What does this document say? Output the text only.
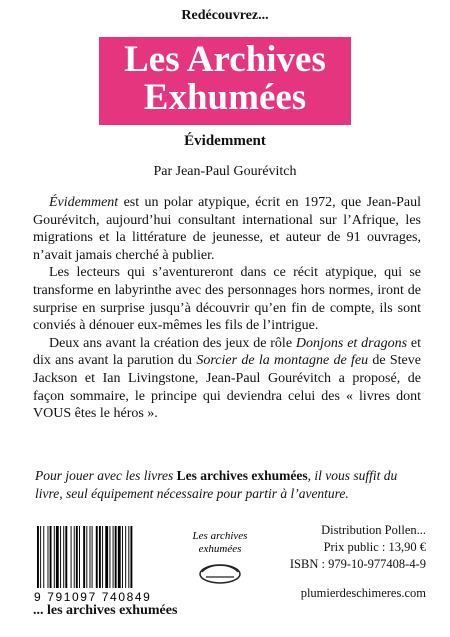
Redécouvrez...
Les Archives
Exhumées
Évidemment
Par Jean-Paul Gourévitch

Évidemment est un polar atypique, écrit en 1972, que Jean-Paul Gourévitch, aujourd’hui consultant international sur l’Afrique, les migrations et la littérature de jeunesse, et auteur de 91 ouvrages, n’avait jamais cherché à publier.

Les lecteurs qui s’aventureront dans ce récit atypique, qui se transforme en labyrinthe avec des personnages hors normes, iront de surprise en surprise jusqu’à découvrir qu’en fin de compte, ils sont conviés à dénouer eux-mêmes les fils de l’intrigue.

Deux ans avant la création des jeux de rôle Donjons et dragons et dix ans avant la parution du Sorcier de la montagne de feu de Steve Jackson et Ian Livingstone, Jean-Paul Gourévitch a proposé, de façon sommaire, le principe qui deviendra celui des « livres dont VOUS êtes le héros ».

Pour jouer avec les livres Les archives exhumées, il vous suffit du livre, seul équipement nécessaire pour partir à l’aventure.
9 791097 740849
Les archives
exhumées
Distribution Pollen...
Prix public : 13,90 €
ISBN : 979-10-977408-4-9
plumierdeschimeres.com
... les archives exhumées
